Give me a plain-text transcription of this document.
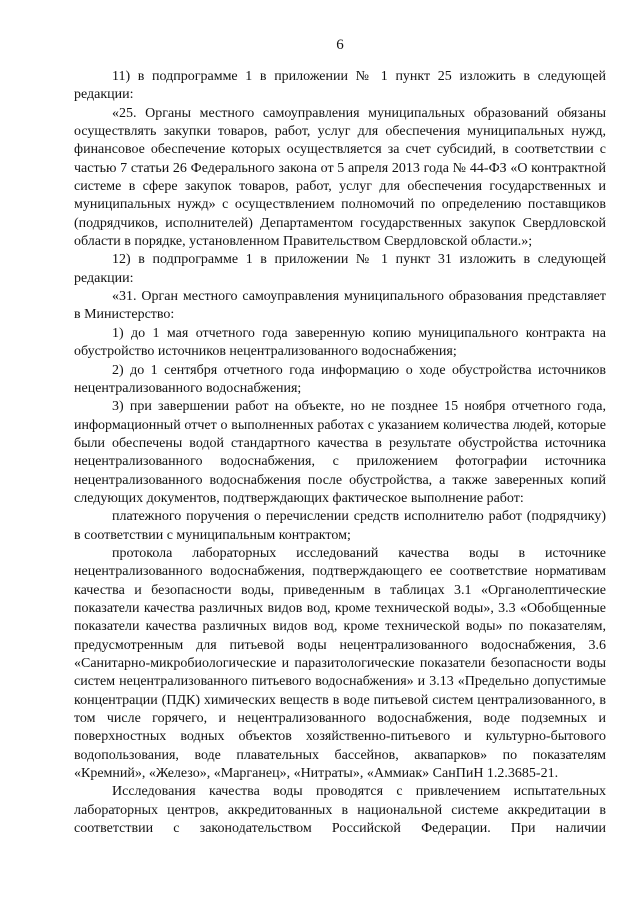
6

11) в подпрограмме 1 в приложении № 1 пункт 25 изложить в следующей редакции:

«25. Органы местного самоуправления муниципальных образований обязаны осуществлять закупки товаров, работ, услуг для обеспечения муниципальных нужд, финансовое обеспечение которых осуществляется за счет субсидий, в соответствии с частью 7 статьи 26 Федерального закона от 5 апреля 2013 года № 44-ФЗ «О контрактной системе в сфере закупок товаров, работ, услуг для обеспечения государственных и муниципальных нужд» с осуществлением полномочий по определению поставщиков (подрядчиков, исполнителей) Департаментом государственных закупок Свердловской области в порядке, установленном Правительством Свердловской области.»;

12) в подпрограмме 1 в приложении № 1 пункт 31 изложить в следующей редакции:

«31. Орган местного самоуправления муниципального образования представляет в Министерство:

1) до 1 мая отчетного года заверенную копию муниципального контракта на обустройство источников нецентрализованного водоснабжения;

2) до 1 сентября отчетного года информацию о ходе обустройства источников нецентрализованного водоснабжения;

3) при завершении работ на объекте, но не позднее 15 ноября отчетного года, информационный отчет о выполненных работах с указанием количества людей, которые были обеспечены водой стандартного качества в результате обустройства источника нецентрализованного водоснабжения, с приложением фотографии источника нецентрализованного водоснабжения после обустройства, а также заверенных копий следующих документов, подтверждающих фактическое выполнение работ:

платежного поручения о перечислении средств исполнителю работ (подрядчику) в соответствии с муниципальным контрактом;

протокола лабораторных исследований качества воды в источнике нецентрализованного водоснабжения, подтверждающего ее соответствие нормативам качества и безопасности воды, приведенным в таблицах 3.1 «Органолептические показатели качества различных видов вод, кроме технической воды», 3.3 «Обобщенные показатели качества различных видов вод, кроме технической воды» по показателям, предусмотренным для питьевой воды нецентрализованного водоснабжения, 3.6 «Санитарно-микробиологические и паразитологические показатели безопасности воды систем нецентрализованного питьевого водоснабжения» и 3.13 «Предельно допустимые концентрации (ПДК) химических веществ в воде питьевой систем централизованного, в том числе горячего, и нецентрализованного водоснабжения, воде подземных и поверхностных водных объектов хозяйственно-питьевого и культурно-бытового водопользования, воде плавательных бассейнов, аквапарков» по показателям «Кремний», «Железо», «Марганец», «Нитраты», «Аммиак» СанПиН 1.2.3685-21.

Исследования качества воды проводятся с привлечением испытательных лабораторных центров, аккредитованных в национальной системе аккредитации в соответствии с законодательством Российской Федерации. При наличии
